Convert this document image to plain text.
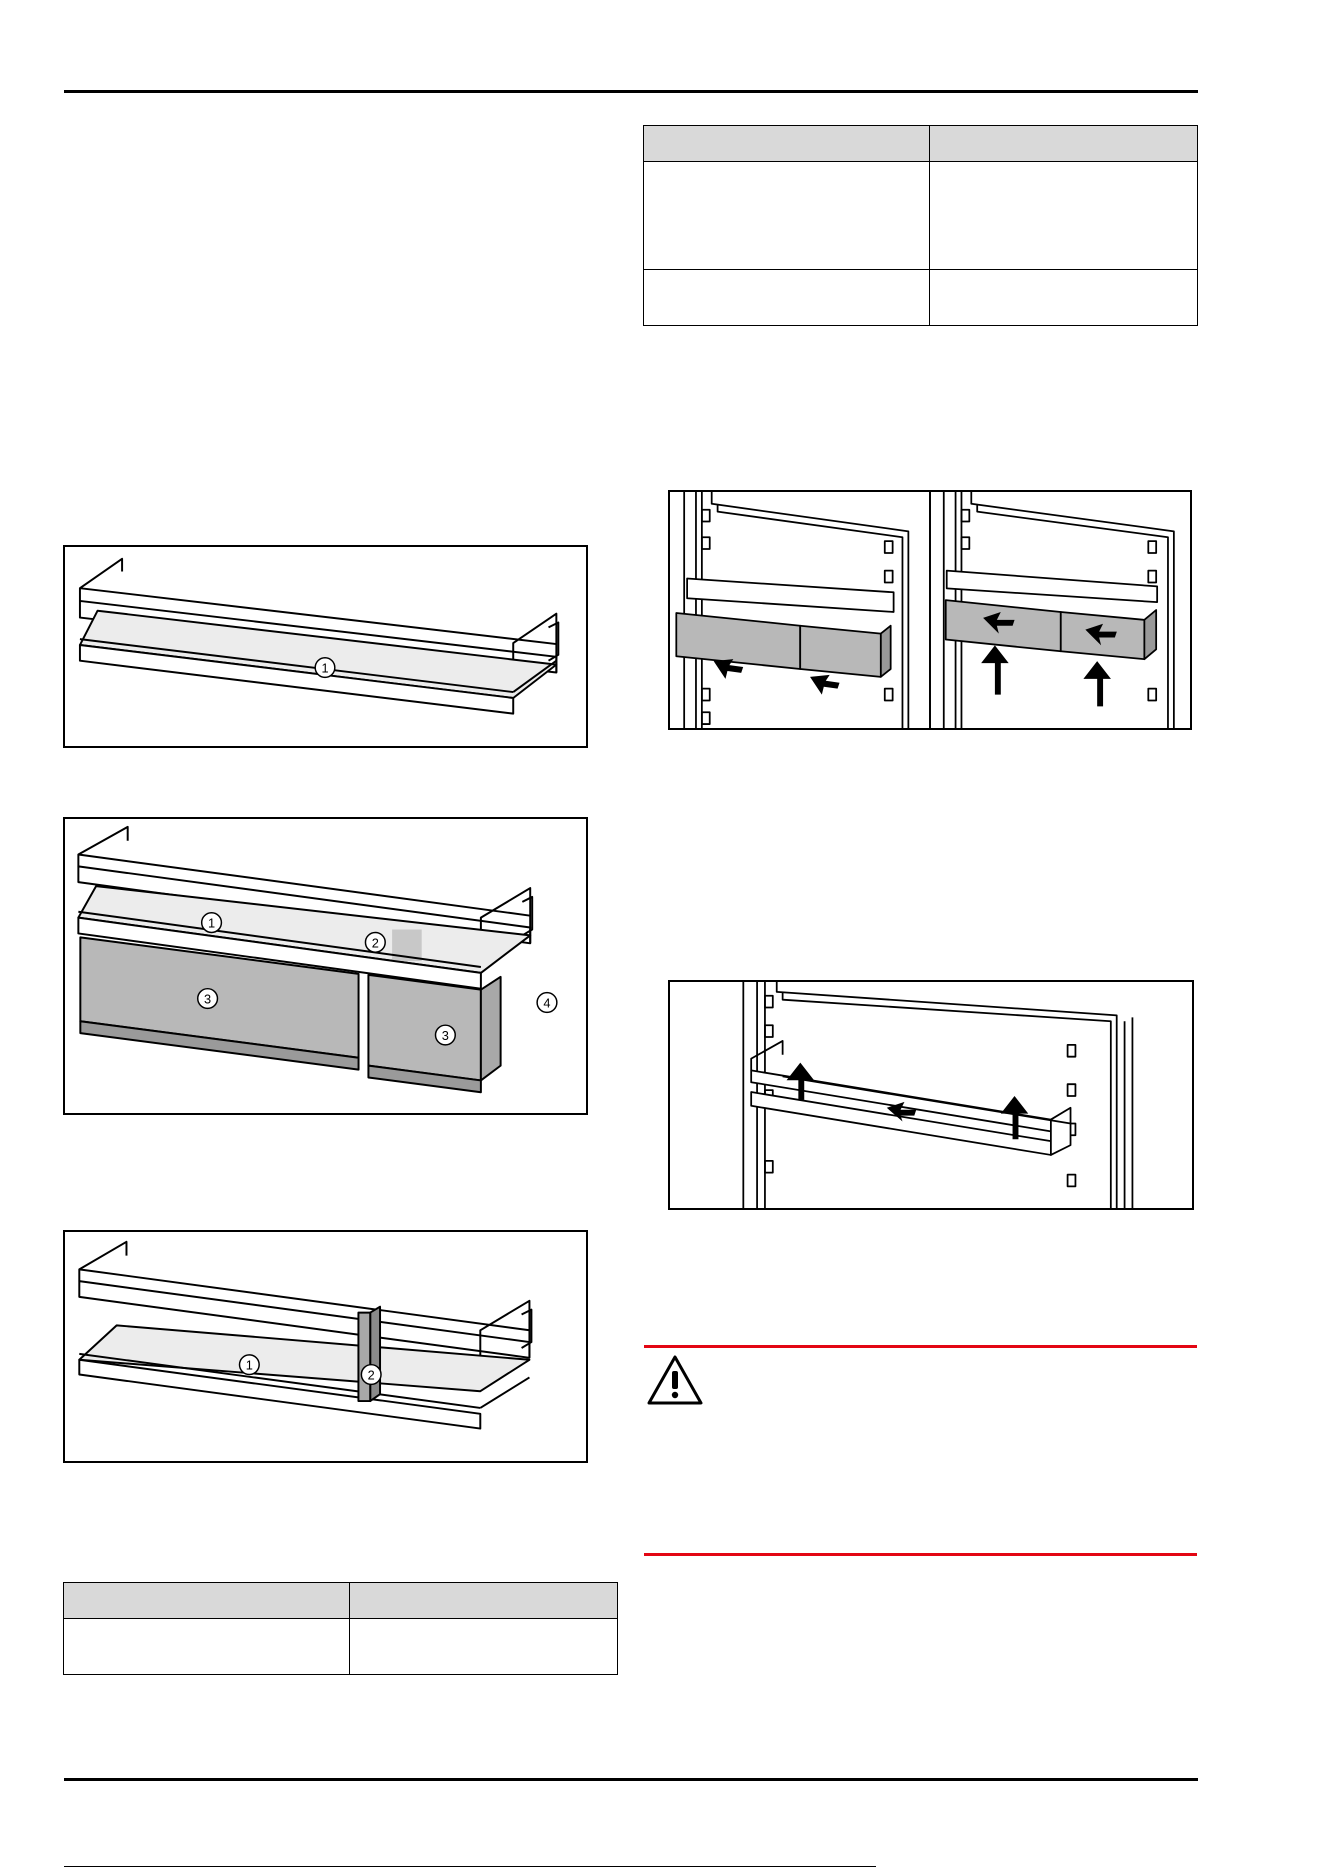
1
1
2
3
3
4
1
2
